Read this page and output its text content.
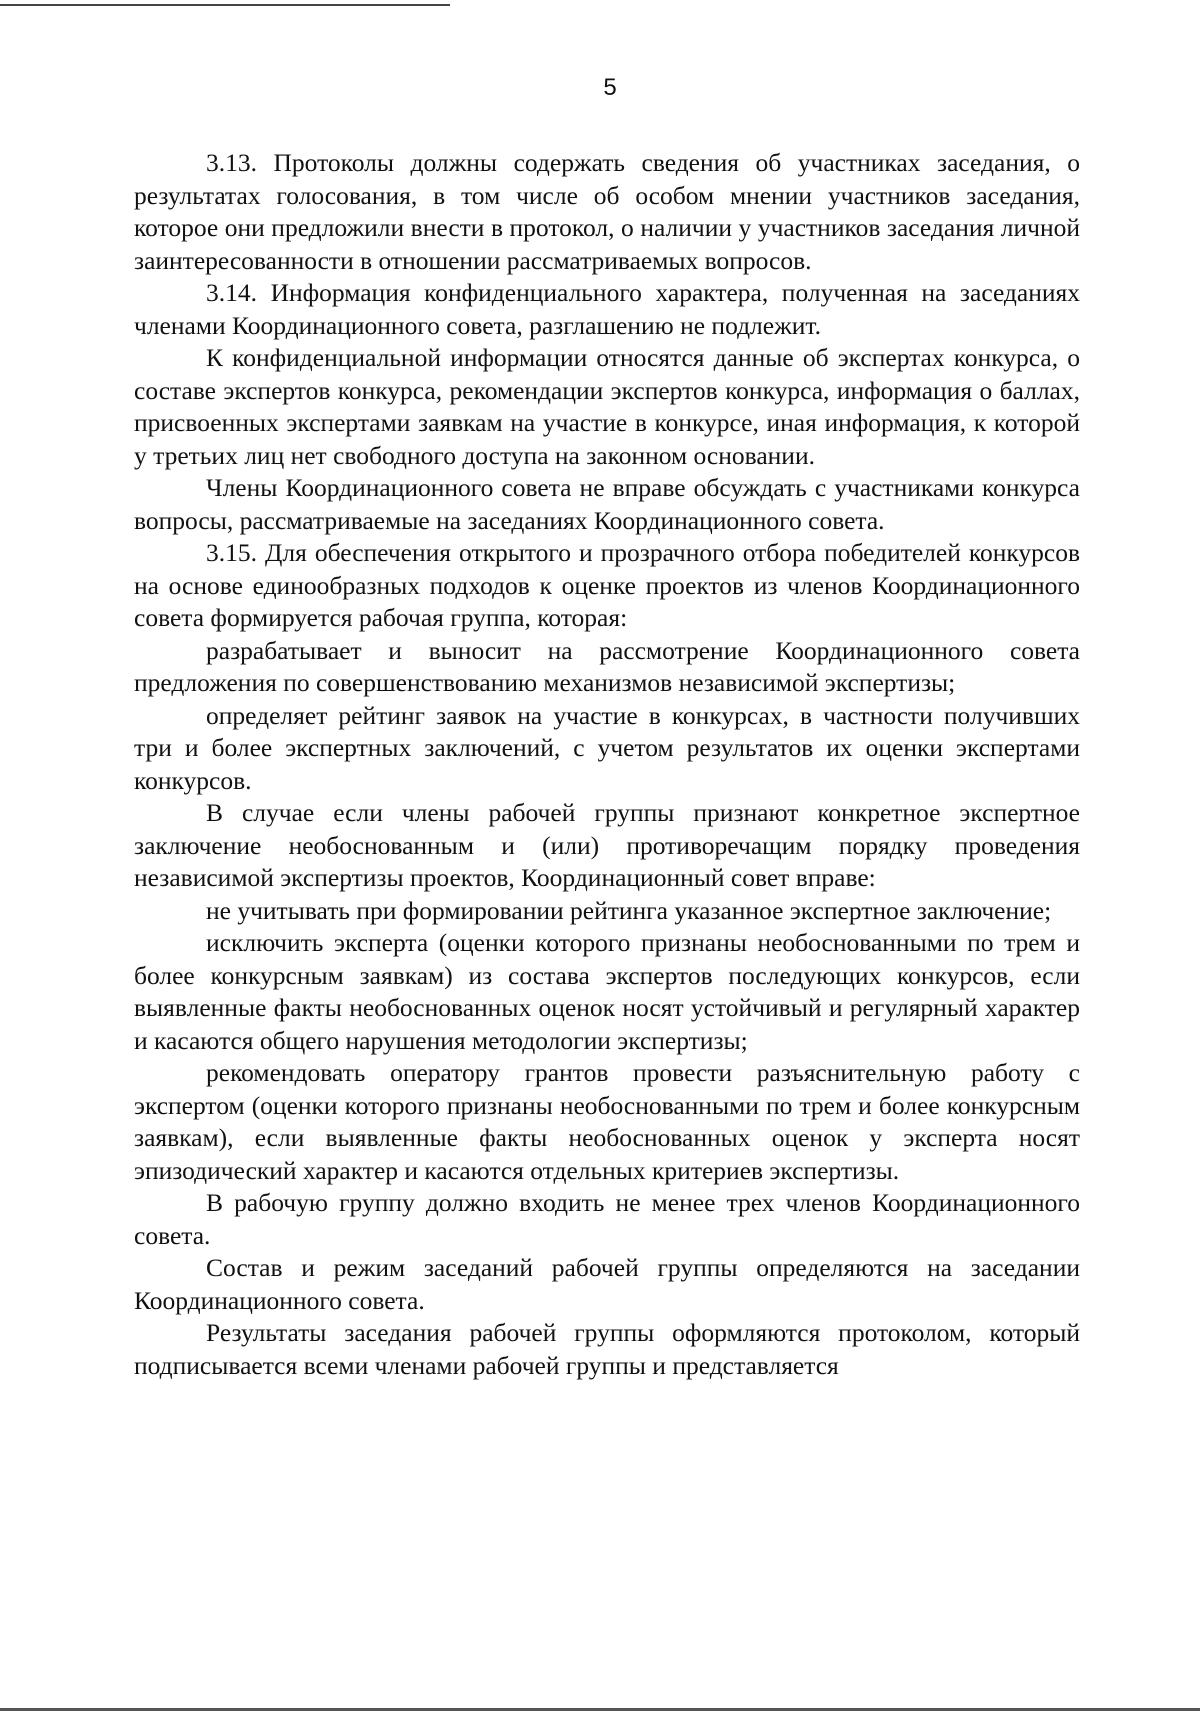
5

3.13. Протоколы должны содержать сведения об участниках заседания, о результатах голосования, в том числе об особом мнении участников заседания, которое они предложили внести в протокол, о наличии у участников заседания личной заинтересованности в отношении рассматриваемых вопросов.

3.14. Информация конфиденциального характера, полученная на заседаниях членами Координационного совета, разглашению не подлежит.

К конфиденциальной информации относятся данные об экспертах конкурса, о составе экспертов конкурса, рекомендации экспертов конкурса, информация о баллах, присвоенных экспертами заявкам на участие в конкурсе, иная информация, к которой у третьих лиц нет свободного доступа на законном основании.

Члены Координационного совета не вправе обсуждать с участниками конкурса вопросы, рассматриваемые на заседаниях Координационного совета.

3.15. Для обеспечения открытого и прозрачного отбора победителей конкурсов на основе единообразных подходов к оценке проектов из членов Координационного совета формируется рабочая группа, которая:

разрабатывает и выносит на рассмотрение Координационного совета предложения по совершенствованию механизмов независимой экспертизы;

определяет рейтинг заявок на участие в конкурсах, в частности получивших три и более экспертных заключений, с учетом результатов их оценки экспертами конкурсов.

В случае если члены рабочей группы признают конкретное экспертное заключение необоснованным и (или) противоречащим порядку проведения независимой экспертизы проектов, Координационный совет вправе:

не учитывать при формировании рейтинга указанное экспертное заключение;

исключить эксперта (оценки которого признаны необоснованными по трем и более конкурсным заявкам) из состава экспертов последующих конкурсов, если выявленные факты необоснованных оценок носят устойчивый и регулярный характер и касаются общего нарушения методологии экспертизы;

рекомендовать оператору грантов провести разъяснительную работу с экспертом (оценки которого признаны необоснованными по трем и более конкурсным заявкам), если выявленные факты необоснованных оценок у эксперта носят эпизодический характер и касаются отдельных критериев экспертизы.

В рабочую группу должно входить не менее трех членов Координационного совета.

Состав и режим заседаний рабочей группы определяются на заседании Координационного совета.

Результаты заседания рабочей группы оформляются протоколом, который подписывается всеми членами рабочей группы и представляется
